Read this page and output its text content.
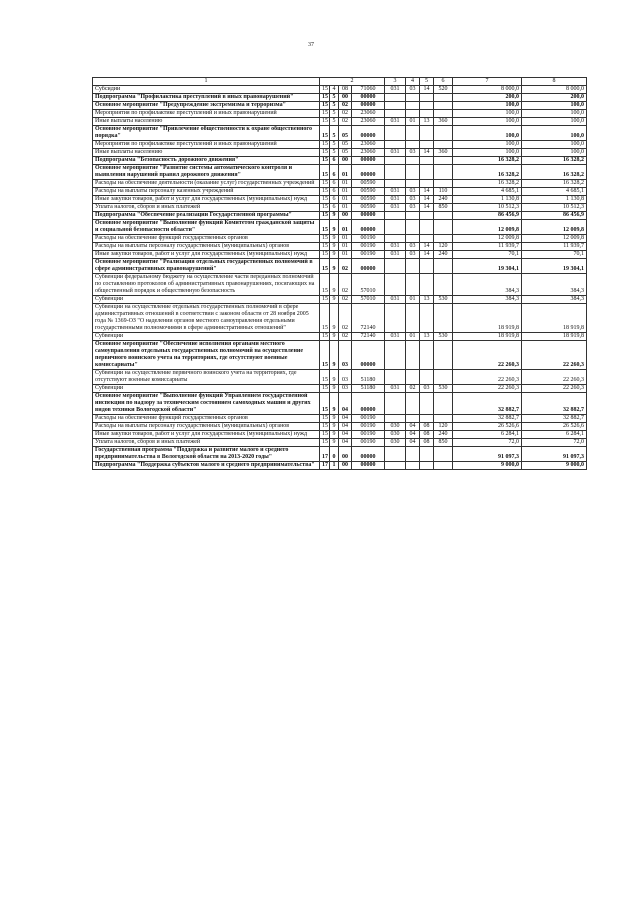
37
1	2				3	4	5	6	7	8
Субсидии	15	4	08	71060	031	03	14	520	8 000,0	8 000,0
Подпрограмма "Профилактика преступлений в иных правонарушений"	15	5	00	00000					200,0	200,0
Основное мероприятие "Предупреждение экстремизма и терроризма"	15	5	02	00000					100,0	100,0
Мероприятия по профилактике преступлений и иных правонарушений	15	5	02	23060					100,0	100,0
Иные выплаты населению	15	5	02	23060	031	01	13	360	100,0	100,0
Основное мероприятие "Привлечение общественности к охране общественного порядка"	15	5	05	00000					100,0	100,0
Мероприятия по профилактике преступлений и иных правонарушений	15	5	05	23060					100,0	100,0
Иные выплаты населению	15	5	05	23060	031	03	14	360	100,0	100,0
Подпрограмма "Безопасность дорожного движения"	15	6	00	00000					16 328,2	16 328,2
Основное мероприятие "Развитие системы автоматического контроля и выявления нарушений правил дорожного движения"	15	6	01	00000					16 328,2	16 328,2
Расходы на обеспечение деятельности (оказание услуг) государственных учреждений	15	6	01	00590					16 328,2	16 328,2
Расходы на выплаты персоналу казенных учреждений	15	6	01	00590	031	03	14	110	4 685,1	4 685,1
Иные закупки товаров, работ и услуг для государственных (муниципальных) нужд	15	6	01	00590	031	03	14	240	1 130,8	1 130,8
Уплата налогов, сборов и иных платежей	15	6	01	00590	031	03	14	850	10 512,3	10 512,3
Подпрограмма "Обеспечение реализации Государственной программы"	15	9	00	00000					86 456,9	86 456,9
Основное мероприятие "Выполнение функций Комитетом гражданской защиты и социальной безопасности области"	15	9	01	00000					12 009,8	12 009,8
Расходы на обеспечение функций государственных органов	15	9	01	00190					12 009,8	12 009,8
Расходы на выплаты персоналу государственных (муниципальных) органов	15	9	01	00190	031	03	14	120	11 939,7	11 939,7
Иные закупки товаров, работ и услуг для государственных (муниципальных) нужд	15	9	01	00190	031	03	14	240	70,1	70,1
Основное мероприятие "Реализация отдельных государственных полномочий в сфере административных правонарушений"	15	9	02	00000					19 304,1	19 304,1
Субвенции федеральному бюджету на осуществление части переданных полномочий по составлению протоколов об административных правонарушениях, посягающих на общественный порядок и общественную безопасность	15	9	02	57010					384,3	384,3
Субвенции	15	9	02	57010	031	01	13	530	384,3	384,3
Субвенции на осуществление отдельных государственных полномочий в сфере административных отношений в соответствии с законом области от 28 ноября 2005 года № 1369-ОЗ "О наделении органов местного самоуправления отдельными государственными полномочиями в сфере административных отношений"	15	9	02	72140					18 919,8	18 919,8
Субвенции	15	9	02	72140	031	01	13	530	18 919,8	18 919,8
Основное мероприятие "Обеспечение исполнения органами местного самоуправления отдельных государственных полномочий на осуществление первичного воинского учета на территориях, где отсутствуют военные комиссариаты"	15	9	03	00000					22 260,3	22 260,3
Субвенции на осуществление первичного воинского учета на территориях, где отсутствуют военные комиссариаты	15	9	03	51180					22 260,3	22 260,3
Субвенции	15	9	03	51180	031	02	03	530	22 260,3	22 260,3
Основное мероприятие "Выполнение функций Управлением государственной инспекции по надзору за техническим состоянием самоходных машин и других видов техники Вологодской области"	15	9	04	00000					32 882,7	32 882,7
Расходы на обеспечение функций государственных органов	15	9	04	00190					32 882,7	32 882,7
Расходы на выплаты персоналу государственных (муниципальных) органов	15	9	04	00190	030	04	08	120	26 526,6	26 526,6
Иные закупки товаров, работ и услуг для государственных (муниципальных) нужд	15	9	04	00190	030	04	08	240	6 284,1	6 284,1
Уплата налогов, сборов и иных платежей	15	9	04	00190	030	04	08	850	72,0	72,0
Государственная программа "Поддержка и развитие малого и среднего предпринимательства в Вологодской области на 2013-2020 годы"	17	0	00	00000					91 097,3	91 097,3
Подпрограмма "Поддержка субъектов малого и среднего предпринимательства"	17	1	00	00000					9 000,0	9 000,0
